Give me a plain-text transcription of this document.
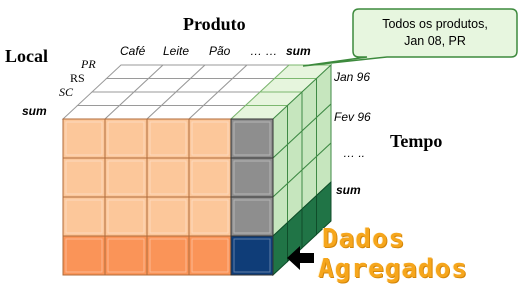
Produto
Local
Tempo
Café Leite Pão … … sum
PR
RS
SC
sum
Jan 96
Fev 96
… ..
sum
Todos os produtos,
Jan 08, PR
Dados
Agregados
